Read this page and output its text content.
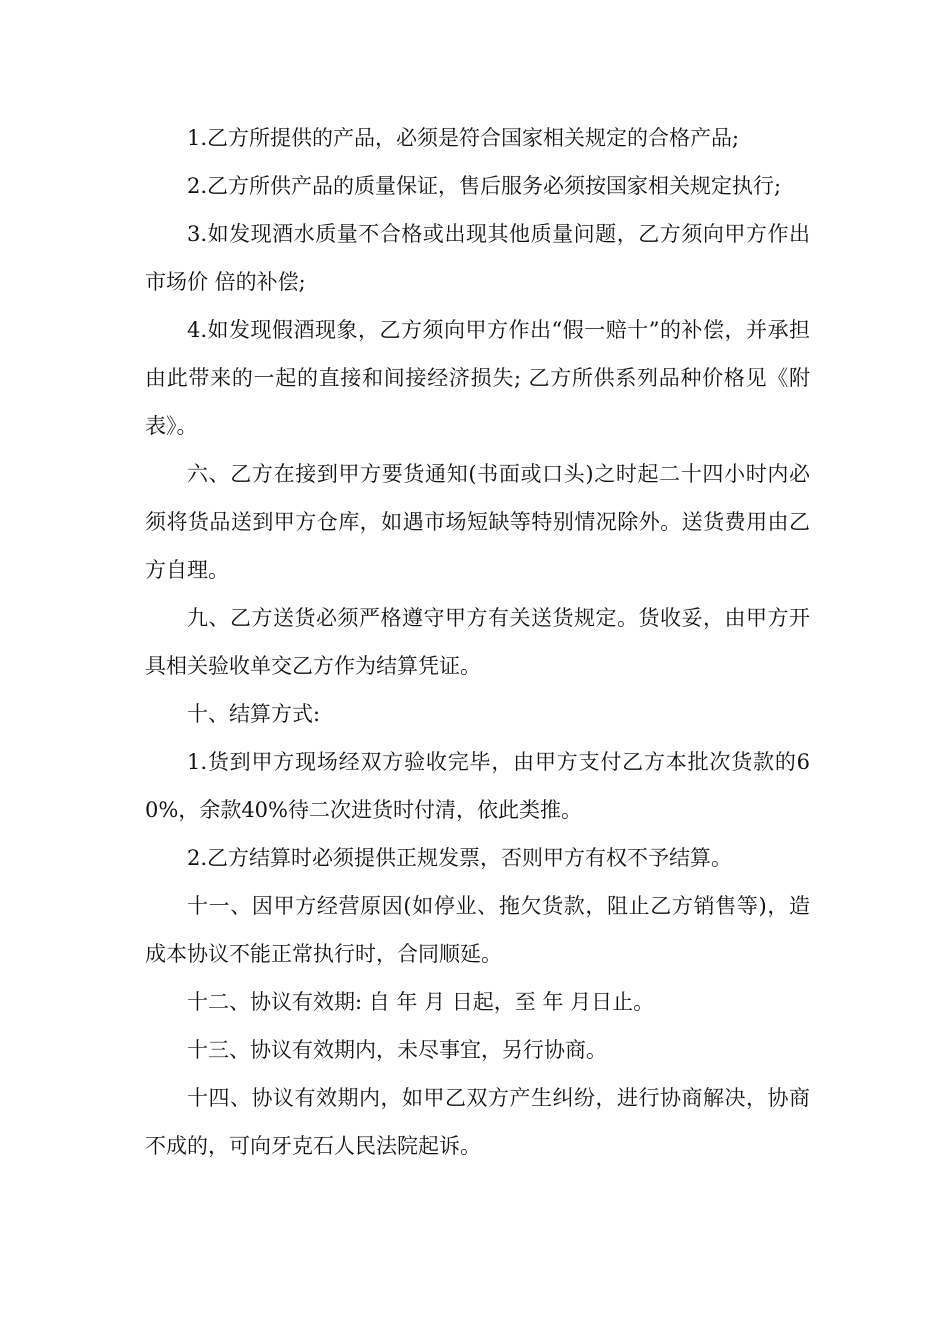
1.乙方所提供的产品，必须是符合国家相关规定的合格产品;

2.乙方所供产品的质量保证，售后服务必须按国家相关规定执行;

3.如发现酒水质量不合格或出现其他质量问题，乙方须向甲方作出市场价 倍的补偿;

4.如发现假酒现象，乙方须向甲方作出“假一赔十”的补偿，并承担由此带来的一起的直接和间接经济损失; 乙方所供系列品种价格见《附表》。

六、乙方在接到甲方要货通知(书面或口头)之时起二十四小时内必须将货品送到甲方仓库，如遇市场短缺等特别情况除外。送货费用由乙方自理。

九、乙方送货必须严格遵守甲方有关送货规定。货收妥，由甲方开具相关验收单交乙方作为结算凭证。

十、结算方式:

1.货到甲方现场经双方验收完毕，由甲方支付乙方本批次货款的60%，余款40%待二次进货时付清，依此类推。

2.乙方结算时必须提供正规发票，否则甲方有权不予结算。

十一、因甲方经营原因(如停业、拖欠货款，阻止乙方销售等)，造成本协议不能正常执行时，合同顺延。

十二、协议有效期: 自 年 月 日起，至 年 月日止。

十三、协议有效期内，未尽事宜，另行协商。

十四、协议有效期内，如甲乙双方产生纠纷，进行协商解决，协商不成的，可向牙克石人民法院起诉。
